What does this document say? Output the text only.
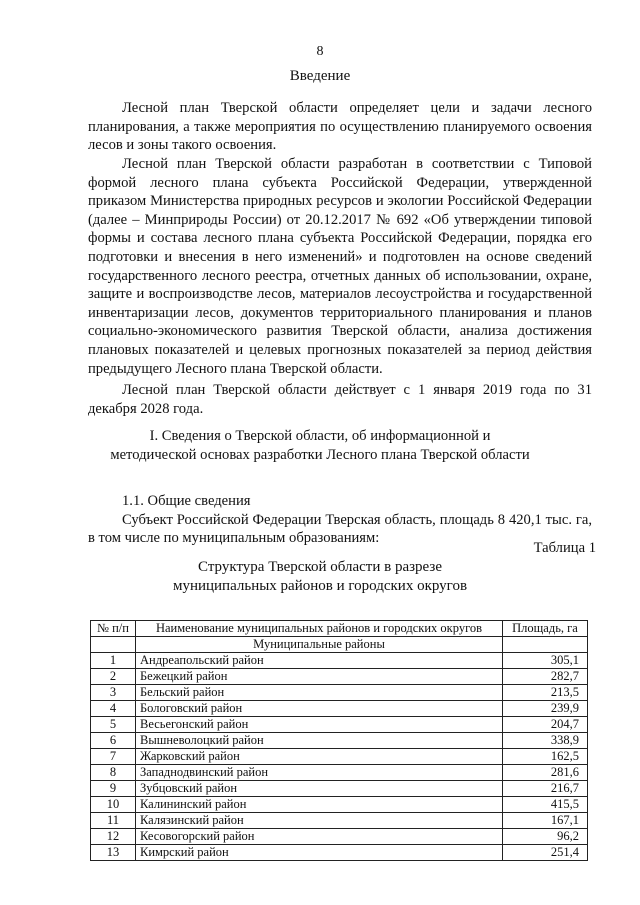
8
Введение

Лесной план Тверской области определяет цели и задачи лесного планирования, а также мероприятия по осуществлению планируемого освоения лесов и зоны такого освоения.

Лесной план Тверской области разработан в соответствии с Типовой формой лесного плана субъекта Российской Федерации, утвержденной приказом Министерства природных ресурсов и экологии Российской Федерации (далее – Минприроды России) от 20.12.2017 № 692 «Об утверждении типовой формы и состава лесного плана субъекта Российской Федерации, порядка его подготовки и внесения в него изменений» и подготовлен на основе сведений государственного лесного реестра, отчетных данных об использовании, охране, защите и воспроизводстве лесов, материалов лесоустройства и государственной инвентаризации лесов, документов территориального планирования и планов социально-экономического развития Тверской области, анализа достижения плановых показателей и целевых прогнозных показателей за период действия предыдущего Лесного плана Тверской области.

Лесной план Тверской области действует с 1 января 2019 года по 31 декабря 2028 года.

I. Сведения о Тверской области, об информационной и
методической основах разработки Лесного плана Тверской области
1.1. Общие сведения
Субъект Российской Федерации Тверская область, площадь 8 420,1 тыс. га, в том числе по муниципальным образованиям:
Таблица 1
Структура Тверской области в разрезе
муниципальных районов и городских округов
№ п/п	Наименование муниципальных районов и городских округов	Площадь, га
	Муниципальные районы	
1	Андреапольский район	305,1
2	Бежецкий район	282,7
3	Бельский район	213,5
4	Бологовский район	239,9
5	Весьегонский район	204,7
6	Вышневолоцкий район	338,9
7	Жарковский район	162,5
8	Западнодвинский район	281,6
9	Зубцовский район	216,7
10	Калининский район	415,5
11	Калязинский район	167,1
12	Кесовогорский район	96,2
13	Кимрский район	251,4
